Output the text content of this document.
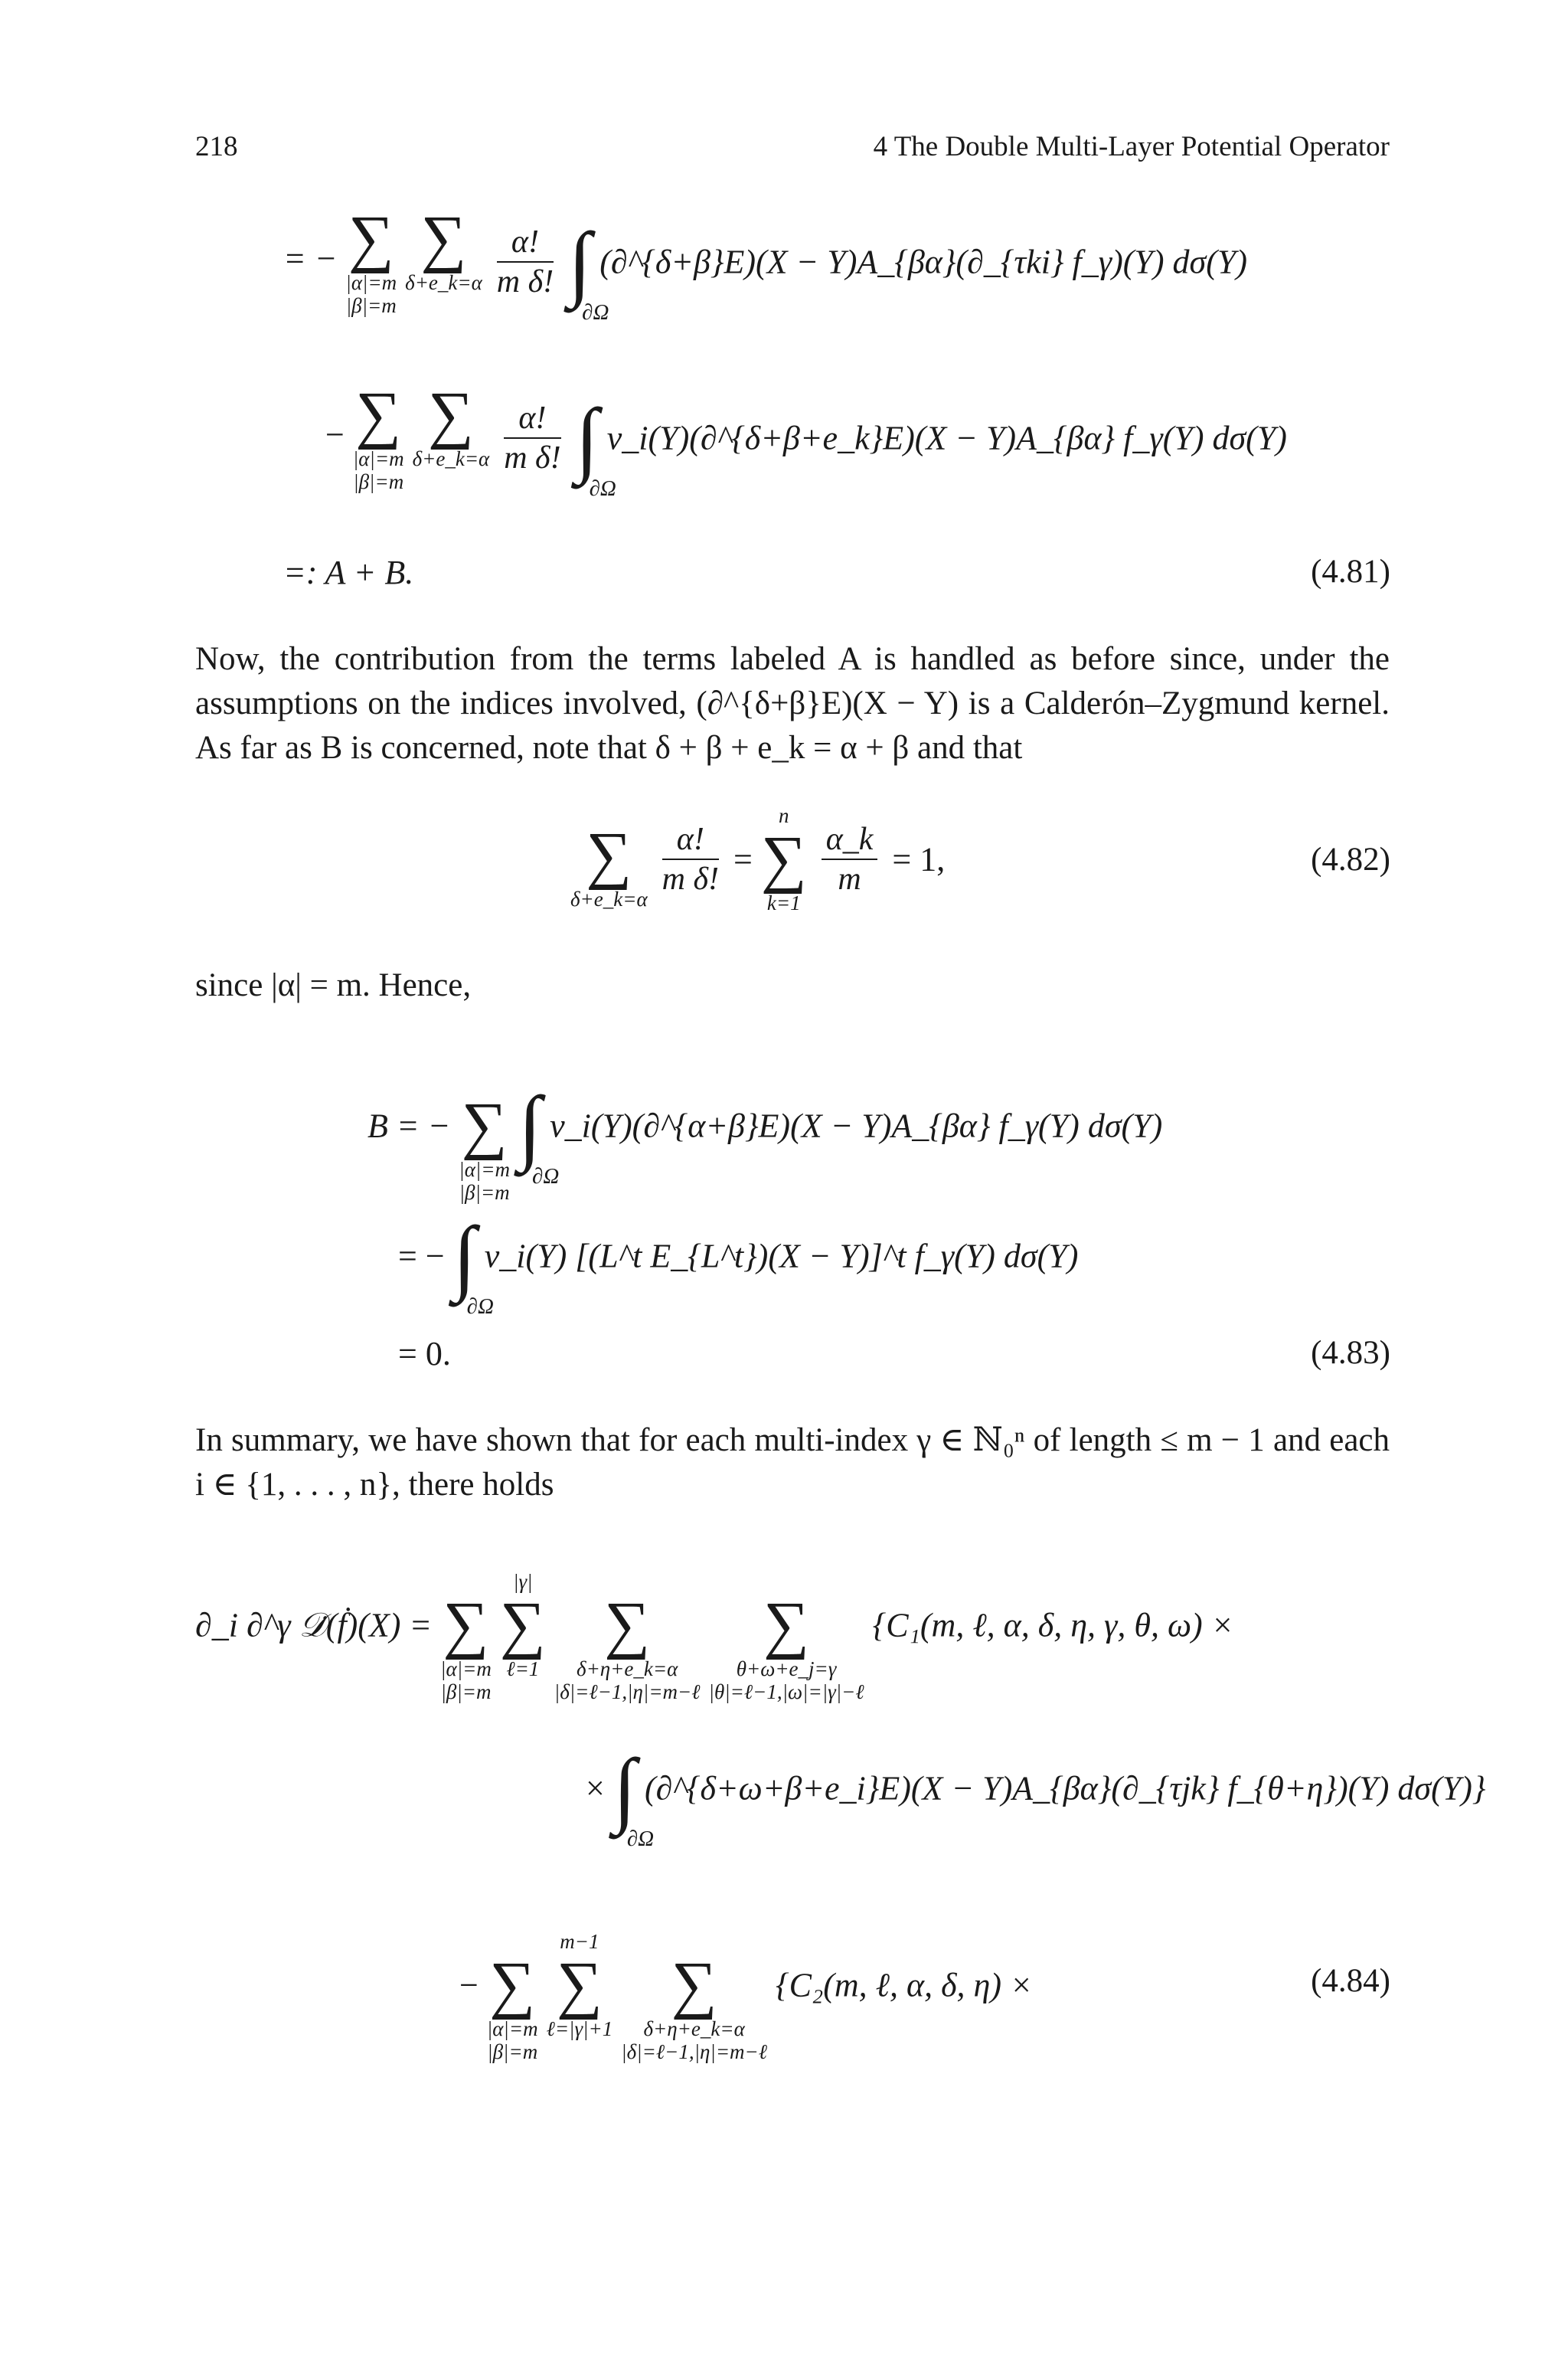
218	4 The Double Multi-Layer Potential Operator
= − ∑
|α|=m
|β|=m

∑
δ+e_k=α
$\frac{\alpha!}{\text{m δ!}}$
∫
∂Ω
(∂^{δ+β}E)(X − Y)A_{βα}(∂_{τki} f_γ)(Y) dσ(Y)
− ∑
|α|=m
|β|=m

∑
δ+e_k=α
$\frac{\alpha!}{\text{m δ!}}$
∫
∂Ω
ν_i(Y)(∂^{δ+β+e_k}E)(X − Y)A_{βα} f_γ(Y) dσ(Y)
=: A + B.	(4.81)

Now, the contribution from the terms labeled A is handled as before since, under the assumptions on the indices involved, (∂^{δ+β}E)(X − Y) is a Calderón–Zygmund kernel. As far as B is concerned, note that δ + β + e_k = α + β and that

∑
δ+e_k=α

$\frac{\alpha!}{\text{m δ!}}$ =
n
∑
k=1

$\frac{\alpha\_k}{m} = 1$,	(4.82)

since |α| = m. Hence,

B = − ∑
|α|=m
|β|=m

∫
∂Ω
ν_i(Y)(∂^{α+β}E)(X − Y)A_{βα} f_γ(Y) dσ(Y)
= − ∫
∂Ω
ν_i(Y) [(L^t E_{L^t})(X − Y)]^t f_γ(Y) dσ(Y)
= 0.	(4.83)

In summary, we have shown that for each multi-index γ ∈ ℕ₀ⁿ of length ≤ m − 1 and each i ∈ {1, . . . , n}, there holds

∂_i ∂^γ 𝒟̇(ḟ)(X) = ∑
|α|=m
|β|=m

|γ|
∑
ℓ=1

∑
δ+η+e_k=α
|δ|=ℓ−1,|η|=m−ℓ

∑
θ+ω+e_j=γ
|θ|=ℓ−1,|ω|=|γ|−ℓ
{C₁(m, ℓ, α, δ, η, γ, θ, ω) ×
× ∫
∂Ω
(∂^{δ+ω+β+e_i}E)(X − Y)A_{βα}(∂_{τjk} f_{θ+η})(Y) dσ(Y)}
− ∑
|α|=m
|β|=m

m−1
∑
ℓ=|γ|+1

∑
δ+η+e_k=α
|δ|=ℓ−1,|η|=m−ℓ
{C₂(m, ℓ, α, δ, η) ×	(4.84)
